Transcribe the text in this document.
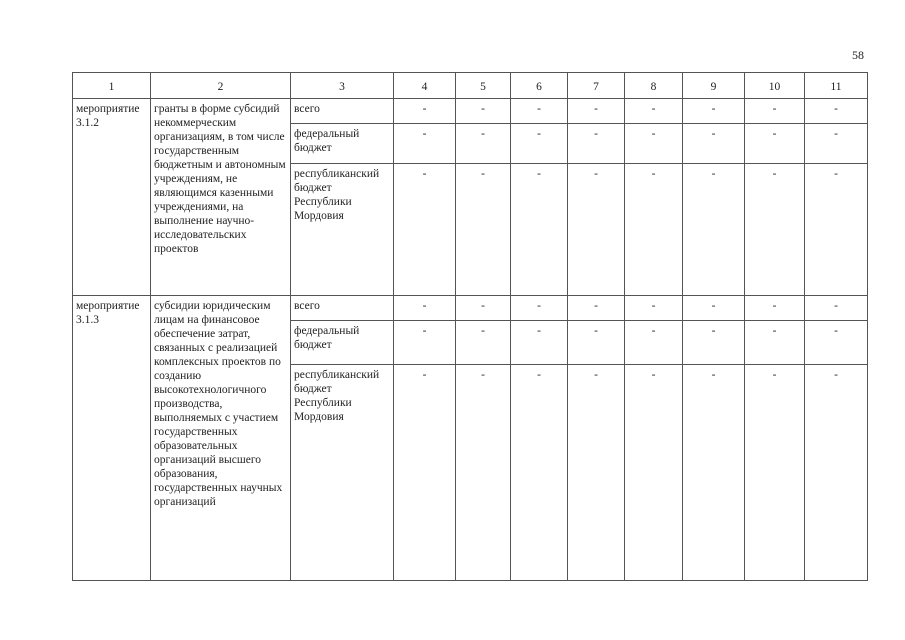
58
1	2	3	4	5	6	7	8	9	10	11
мероприятие 3.1.2	гранты в форме субсидий некоммерческим организациям, в том числе государственным бюджетным и автономным учреждениям, не являющимся казенными учреждениями, на выполнение научно-исследовательских проектов	всего	-	-	-	-	-	-	-	-
		федеральный бюджет	-	-	-	-	-	-	-	-
		республиканский бюджет Республики Мордовия	-	-	-	-	-	-	-	-
мероприятие 3.1.3	субсидии юридическим лицам на финансовое обеспечение затрат, связанных с реализацией комплексных проектов по созданию высокотехнологичного производства, выполняемых с участием государственных образовательных организаций высшего образования, государственных научных организаций	всего	-	-	-	-	-	-	-	-
		федеральный бюджет	-	-	-	-	-	-	-	-
		республиканский бюджет Республики Мордовия	-	-	-	-	-	-	-	-
